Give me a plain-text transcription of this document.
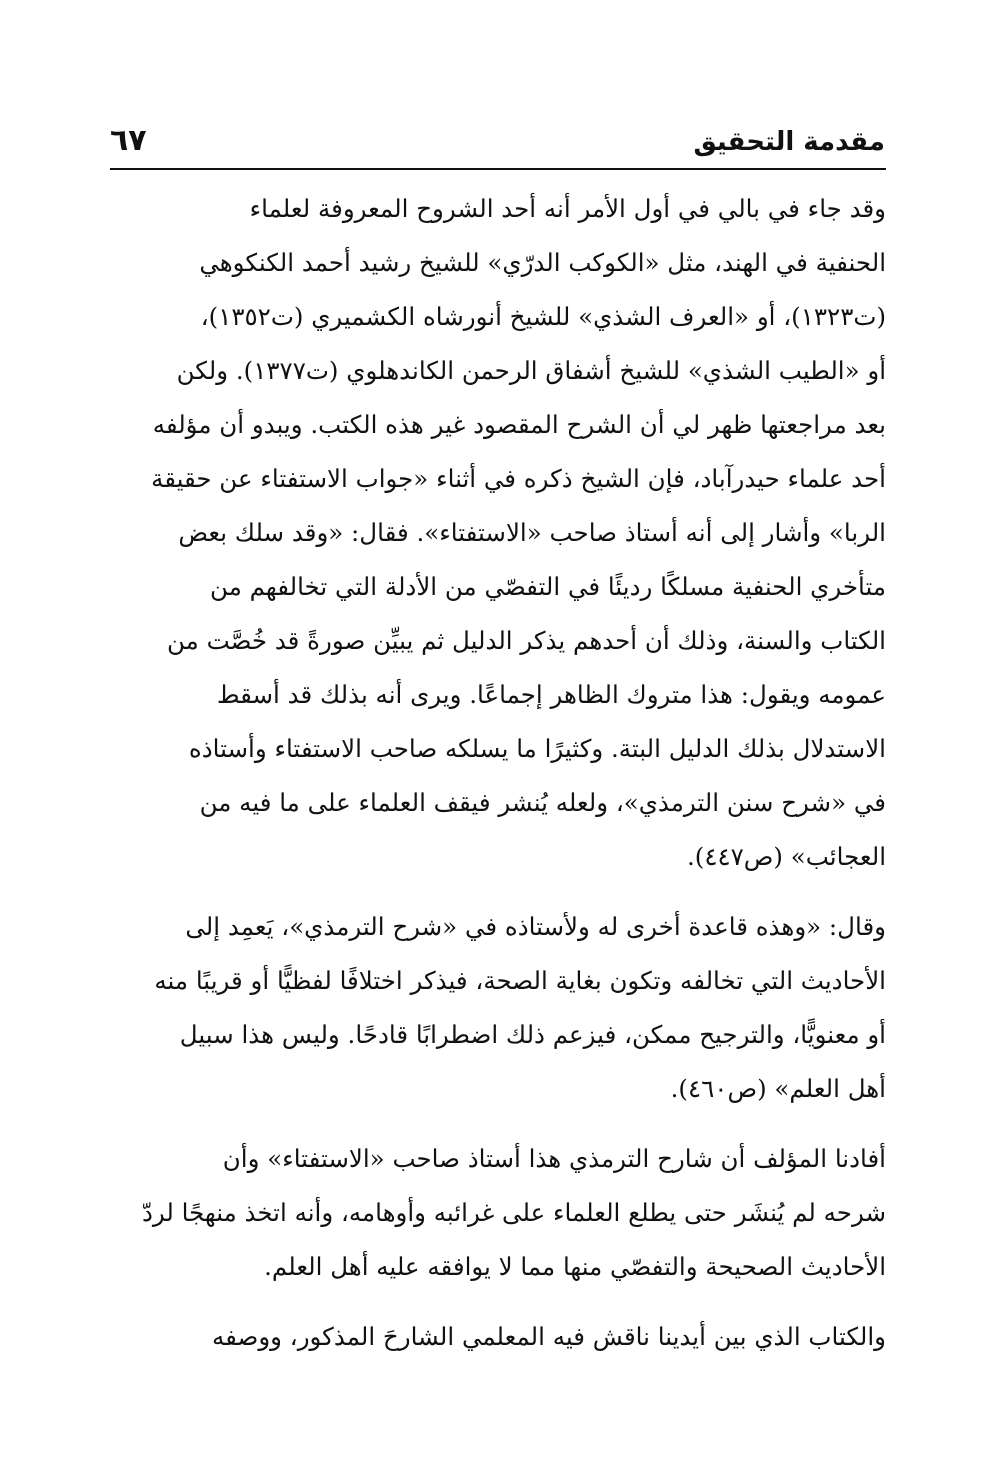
مقدمة التحقيق
٦٧
وقد جاء في بالي في أول الأمر أنه أحد الشروح المعروفة لعلماء
الحنفية في الهند، مثل «الكوكب الدرّي» للشيخ رشيد أحمد الكنكوهي
(ت١٣٢٣)، أو «العرف الشذي» للشيخ أنورشاه الكشميري (ت١٣٥٢)،
أو «الطيب الشذي» للشيخ أشفاق الرحمن الكاندهلوي (ت١٣٧٧). ولكن
بعد مراجعتها ظهر لي أن الشرح المقصود غير هذه الكتب. ويبدو أن مؤلفه
أحد علماء حيدرآباد، فإن الشيخ ذكره في أثناء «جواب الاستفتاء عن حقيقة
الربا» وأشار إلى أنه أستاذ صاحب «الاستفتاء». فقال: «وقد سلك بعض
متأخري الحنفية مسلكًا رديئًا في التفصّي من الأدلة التي تخالفهم من
الكتاب والسنة، وذلك أن أحدهم يذكر الدليل ثم يبيِّن صورةً قد خُصَّت من
عمومه ويقول: هذا متروك الظاهر إجماعًا. ويرى أنه بذلك قد أسقط
الاستدلال بذلك الدليل البتة. وكثيرًا ما يسلكه صاحب الاستفتاء وأستاذه
في «شرح سنن الترمذي»، ولعله يُنشر فيقف العلماء على ما فيه من
العجائب» (ص٤٤٧).
وقال: «وهذه قاعدة أخرى له ولأستاذه في «شرح الترمذي»، يَعمِد إلى
الأحاديث التي تخالفه وتكون بغاية الصحة، فيذكر اختلافًا لفظيًّا أو قريبًا منه
أو معنويًّا، والترجيح ممكن، فيزعم ذلك اضطرابًا قادحًا. وليس هذا سبيل
أهل العلم» (ص٤٦٠).
أفادنا المؤلف أن شارح الترمذي هذا أستاذ صاحب «الاستفتاء» وأن
شرحه لم يُنشَر حتى يطلع العلماء على غرائبه وأوهامه، وأنه اتخذ منهجًا لردّ
الأحاديث الصحيحة والتفصّي منها مما لا يوافقه عليه أهل العلم.
والكتاب الذي بين أيدينا ناقش فيه المعلمي الشارحَ المذكور، ووصفه
